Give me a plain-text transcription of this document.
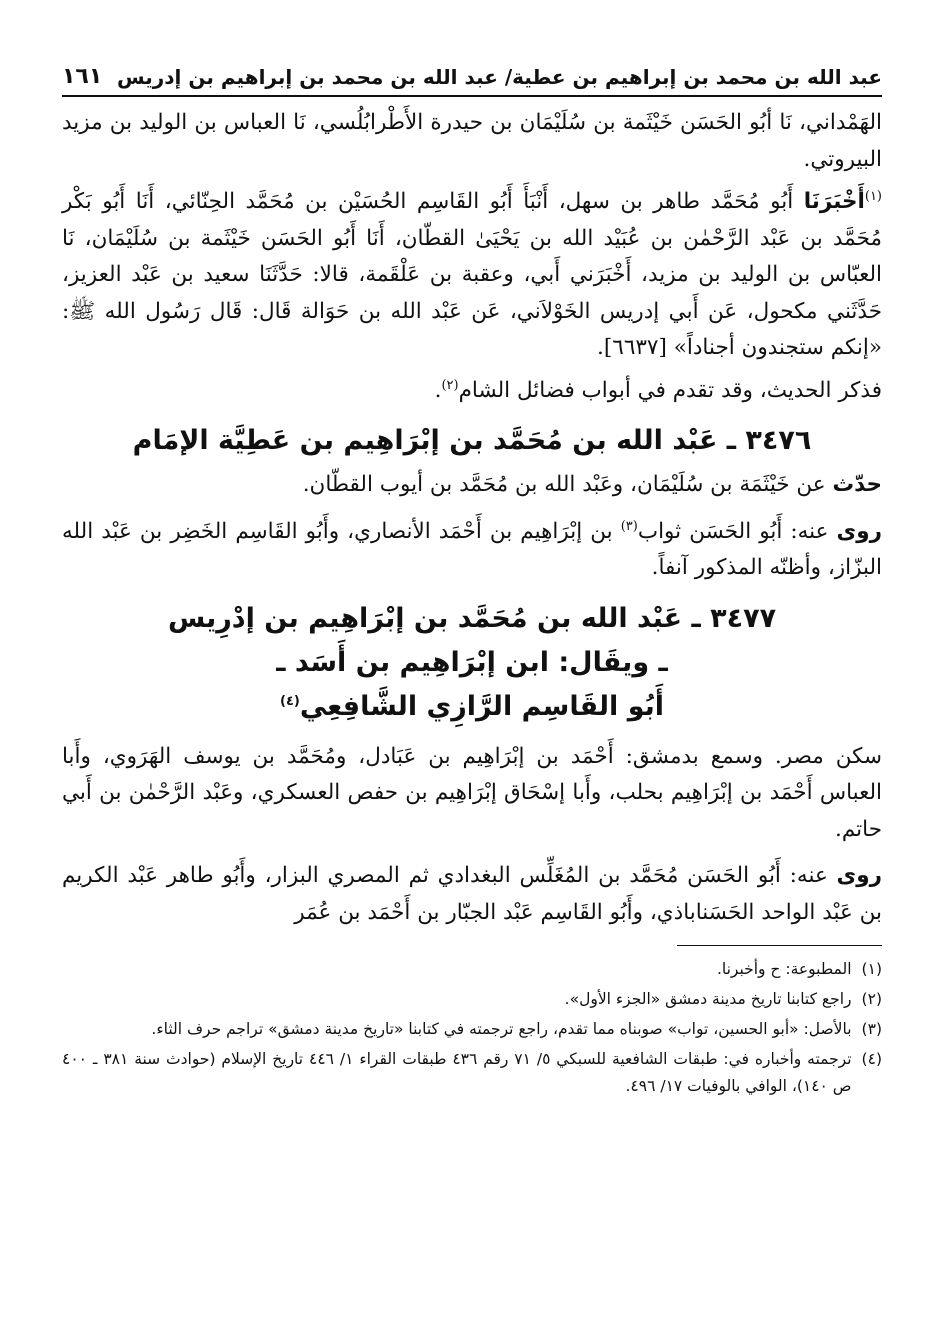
عبد الله بن محمد بن إبراهيم بن عطية/ عبد الله بن محمد بن إبراهيم بن إدريس
١٦١

الهَمْداني، نَا أبُو الحَسَن خَيْثَمة بن سُلَيْمَان بن حيدرة الأَطْرابُلُسي، نَا العباس بن الوليد بن مزيد البيروتي.

$^{(١)}$أَخْبَرَنَا أَبُو مُحَمَّد طاهر بن سهل، أَنْبَأَ أَبُو القَاسِم الحُسَيْن بن مُحَمَّد الحِنّائي، أَنَا أَبُو بَكْر مُحَمَّد بن عَبْد الرَّحْمٰن بن عُبَيْد الله بن يَحْيَىٰ القطّان، أَنَا أَبُو الحَسَن خَيْثَمة بن سُلَيْمَان، نَا العبّاس بن الوليد بن مزيد، أَخْبَرَني أَبي، وعقبة بن عَلْقَمة، قالا: حَدَّثَنَا سعيد بن عَبْد العزيز، حَدَّثَني مكحول، عَن أَبي إدريس الخَوْلاَني، عَن عَبْد الله بن حَوَالة قَال: قَال رَسُول الله ﷺ: «إنكم ستجندون أجناداً» [٦٦٣٧].

فذكر الحديث، وقد تقدم في أبواب فضائل الشام$^{(٢)}$.

٣٤٧٦ ـ عَبْد الله بن مُحَمَّد بن إبْرَاهِيم بن عَطِيَّة الإمَام

حدّث عن خَيْثَمَة بن سُلَيْمَان، وعَبْد الله بن مُحَمَّد بن أيوب القطّان.

روى عنه: أَبُو الحَسَن ثواب$^{(٣)}$ بن إبْرَاهِيم بن أَحْمَد الأنصاري، وأَبُو القَاسِم الخَضِر بن عَبْد الله البزّاز، وأظنّه المذكور آنفاً.

٣٤٧٧ ـ عَبْد الله بن مُحَمَّد بن إبْرَاهِيم بن إدْرِيس
ـ ويقَال: ابن إبْرَاهِيم بن أَسَد ـ
أَبُو القَاسِم الرَّازِي الشَّافِعِي$^{(٤)}$

سكن مصر. وسمع بدمشق: أَحْمَد بن إبْرَاهِيم بن عَبَادل، ومُحَمَّد بن يوسف الهَرَوي، وأَبا العباس أَحْمَد بن إبْرَاهِيم بحلب، وأَبا إسْحَاق إبْرَاهِيم بن حفص العسكري، وعَبْد الرَّحْمٰن بن أَبي حاتم.

روى عنه: أَبُو الحَسَن مُحَمَّد بن المُغَلِّس البغدادي ثم المصري البزار، وأَبُو طاهر عَبْد الكريم بن عَبْد الواحد الحَسَناباذي، وأَبُو القَاسِم عَبْد الجبّار بن أَحْمَد بن عُمَر

(١)
المطبوعة: ح وأخبرنا.
(٢)
راجع كتابنا تاريخ مدينة دمشق «الجزء الأول».
(٣)
بالأصل: «أبو الحسين، تواب» صوبناه مما تقدم، راجع ترجمته في كتابنا «تاريخ مدينة دمشق» تراجم حرف الثاء.
(٤)
ترجمته وأخباره في: طبقات الشافعية للسبكي ٥/ ٧١ رقم ٤٣٦ طبقات القراء ١/ ٤٤٦ تاريخ الإسلام (حوادث سنة ٣٨١ ـ ٤٠٠ ص ١٤٠)، الوافي بالوفيات ١٧/ ٤٩٦.
